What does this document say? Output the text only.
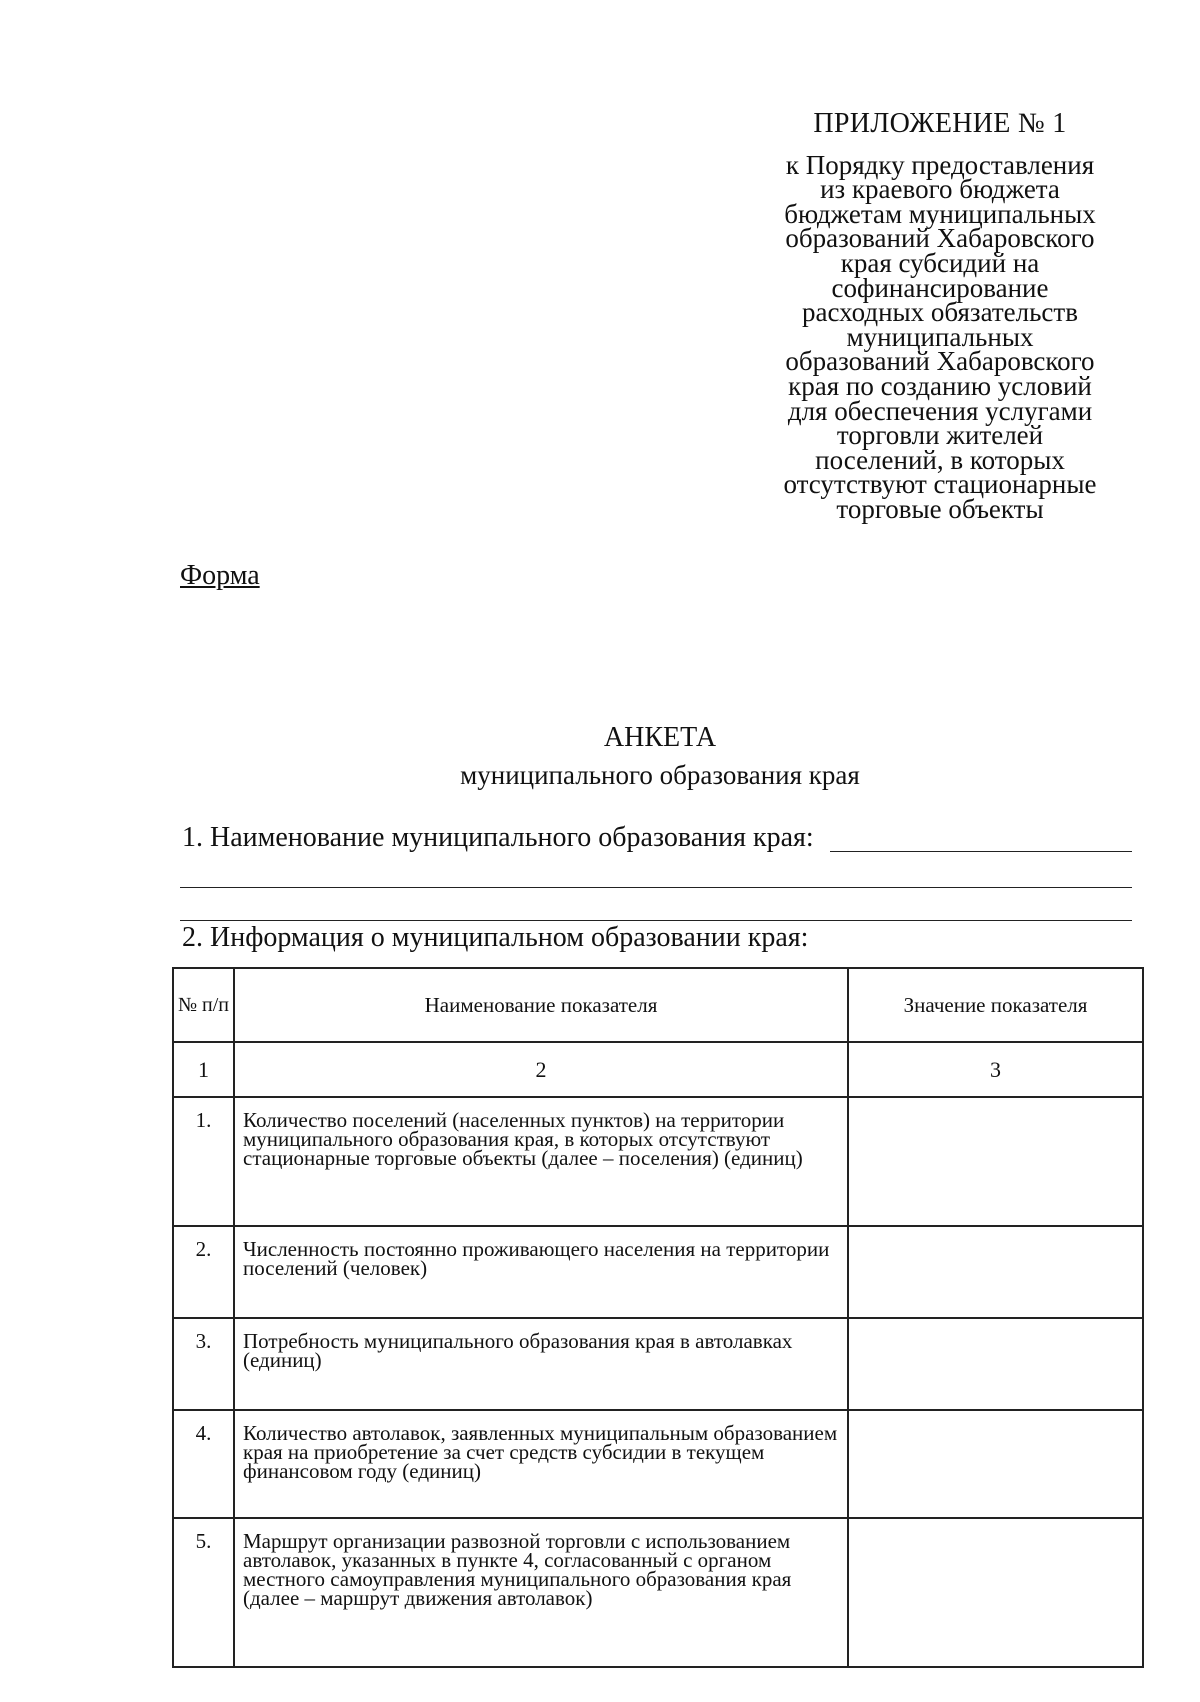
ПРИЛОЖЕНИЕ № 1
к Порядку предоставления
из краевого бюджета
бюджетам муниципальных
образований Хабаровского
края субсидий на
софинансирование
расходных обязательств
муниципальных
образований Хабаровского
края по созданию условий
для обеспечения услугами
торговли жителей
поселений, в которых
отсутствуют стационарные
торговые объекты
Форма
АНКЕТА
муниципального образования края
1. Наименование муниципального образования края:
2. Информация о муниципальном образовании края:
№ п/п	Наименование показателя	Значение показателя
1	2	3
1.	Количество поселений (населенных пунктов) на территории муниципального образования края, в которых отсутствуют стационарные торговые объекты (далее – поселения) (единиц)	
2.	Численность постоянно проживающего населения на территории поселений (человек)	
3.	Потребность муниципального образования края в автолавках (единиц)	
4.	Количество автолавок, заявленных муниципальным образованием края на приобретение за счет средств субсидии в текущем финансовом году (единиц)	
5.	Маршрут организации развозной торговли с использованием автолавок, указанных в пункте 4, согласованный с органом местного самоуправления муниципального образования края (далее – маршрут движения автолавок)	
